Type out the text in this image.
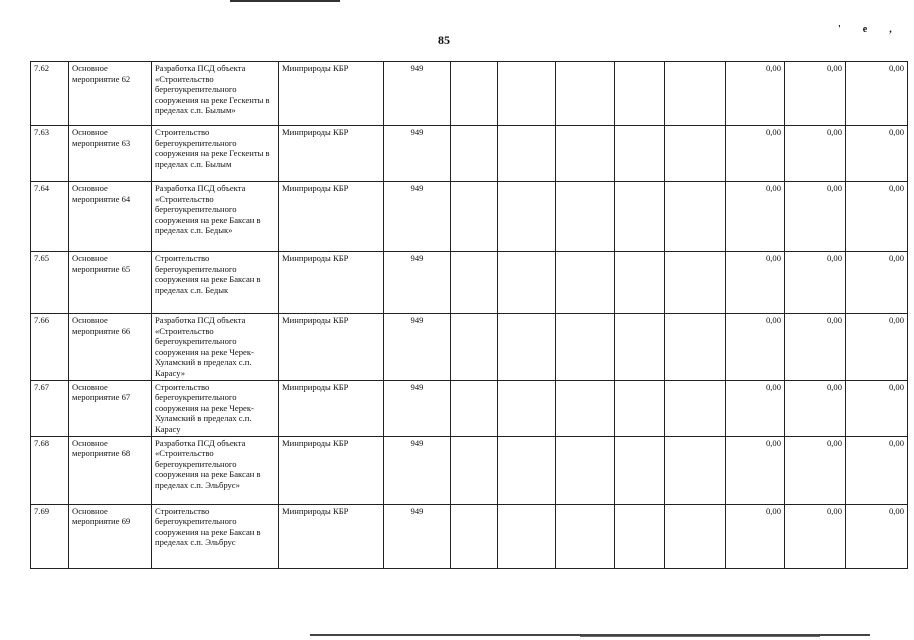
85
'e,
7.62	Основное мероприятие 62	Разработка ПСД объекта «Строительство берегоукрепительного сооружения на реке Гескенты в пределах с.п. Былым»	Минприроды КБР	949						0,00	0,00	0,00
7.63	Основное мероприятие 63	Строительство берегоукрепительного сооружения на реке Гескенты в пределах с.п. Былым	Минприроды КБР	949						0,00	0,00	0,00
7.64	Основное мероприятие 64	Разработка ПСД объекта «Строительство берегоукрепительного сооружения на реке Баксан в пределах с.п. Бедык»	Минприроды КБР	949						0,00	0,00	0,00
7.65	Основное мероприятие 65	Строительство берегоукрепительного сооружения на реке Баксан в пределах с.п. Бедык	Минприроды КБР	949						0,00	0,00	0,00
7.66	Основное мероприятие 66	Разработка ПСД объекта «Строительство берегоукрепительного сооружения на реке Черек-Хуламский в пределах с.п. Карасу»	Минприроды КБР	949						0,00	0,00	0,00
7.67	Основное мероприятие 67	Строительство берегоукрепительного сооружения на реке Черек-Хуламский в пределах с.п. Карасу	Минприроды КБР	949						0,00	0,00	0,00
7.68	Основное мероприятие 68	Разработка ПСД объекта «Строительство берегоукрепительного сооружения на реке Баксан в пределах с.п. Эльбрус»	Минприроды КБР	949						0,00	0,00	0,00
7.69	Основное мероприятие 69	Строительство берегоукрепительного сооружения на реке Баксан в пределах с.п. Эльбрус	Минприроды КБР	949						0,00	0,00	0,00
